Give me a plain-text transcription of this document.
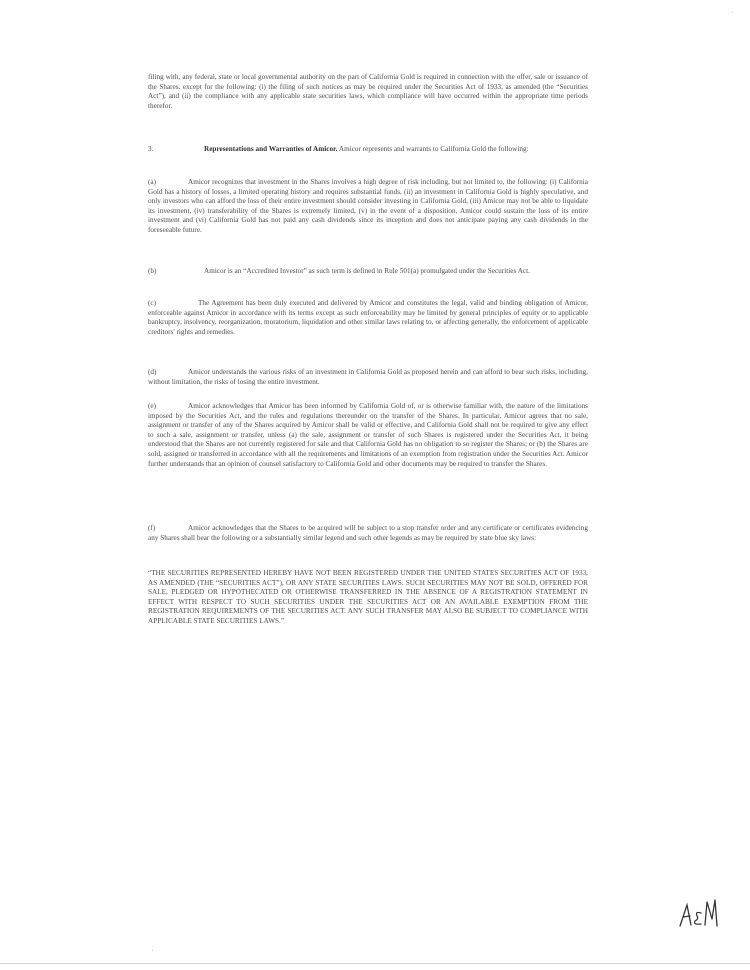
filing with, any federal, state or local governmental authority on the part of California Gold is required in connection with the offer, sale or issuance of the Shares, except for the following: (i) the filing of such notices as may be required under the Securities Act of 1933, as amended (the “Securities Act”), and (ii) the compliance with any applicable state securities laws, which compliance will have occurred within the appropriate time periods therefor.

3.	Representations and Warranties of Amicor. Amicor represents and warrants to California Gold the following:

(a)	Amicor recognizes that investment in the Shares involves a high degree of risk including, but not limited to, the following: (i) California Gold has a history of losses, a limited operating history and requires substantial funds, (ii) an investment in California Gold is highly speculative, and only investors who can afford the loss of their entire investment should consider investing in California Gold, (iii) Amicor may not be able to liquidate its investment, (iv) transferability of the Shares is extremely limited, (v) in the event of a disposition, Amicor could sustain the loss of its entire investment and (vi) California Gold has not paid any cash dividends since its inception and does not anticipate paying any cash dividends in the foreseeable future.

(b)	Amicor is an “Accredited Investor” as such term is defined in Rule 501(a) promulgated under the Securities Act.

(c)	The Agreement has been duly executed and delivered by Amicor and constitutes the legal, valid and binding obligation of Amicor, enforceable against Amicor in accordance with its terms except as such enforceability may be limited by general principles of equity or to applicable bankruptcy, insolvency, reorganization, moratorium, liquidation and other similar laws relating to, or affecting generally, the enforcement of applicable creditors' rights and remedies.

(d)	Amicor understands the various risks of an investment in California Gold as proposed herein and can afford to bear such risks, including, without limitation, the risks of losing the entire investment.

(e)	Amicor acknowledges that Amicor has been informed by California Gold of, or is otherwise familiar with, the nature of the limitations imposed by the Securities Act, and the rules and regulations thereunder on the transfer of the Shares. In particular, Amicor agrees that no sale, assignment or transfer of any of the Shares acquired by Amicor shall be valid or effective, and California Gold shall not be required to give any effect to such a sale, assignment or transfer, unless (a) the sale, assignment or transfer of such Shares is registered under the Securities Act, it being understood that the Shares are not currently registered for sale and that California Gold has no obligation to so register the Shares; or (b) the Shares are sold, assigned or transferred in accordance with all the requirements and limitations of an exemption from registration under the Securities Act. Amicor further understands that an opinion of counsel satisfactory to California Gold and other documents may be required to transfer the Shares.

(f)	Amicor acknowledges that the Shares to be acquired will be subject to a stop transfer order and any certificate or certificates evidencing any Shares shall bear the following or a substantially similar legend and such other legends as may be required by state blue sky laws:

“THE SECURITIES REPRESENTED HEREBY HAVE NOT BEEN REGISTERED UNDER THE UNITED STATES SECURITIES ACT OF 1933, AS AMENDED (THE “SECURITIES ACT”), OR ANY STATE SECURITIES LAWS. SUCH SECURITIES MAY NOT BE SOLD, OFFERED FOR SALE, PLEDGED OR HYPOTHECATED OR OTHERWISE TRANSFERRED IN THE ABSENCE OF A REGISTRATION STATEMENT IN EFFECT WITH RESPECT TO SUCH SECURITIES UNDER THE SECURITIES ACT OR AN AVAILABLE EXEMPTION FROM THE REGISTRATION REQUIREMENTS OF THE SECURITIES ACT. ANY SUCH TRANSFER MAY ALSO BE SUBJECT TO COMPLIANCE WITH APPLICABLE STATE SECURITIES LAWS.”
